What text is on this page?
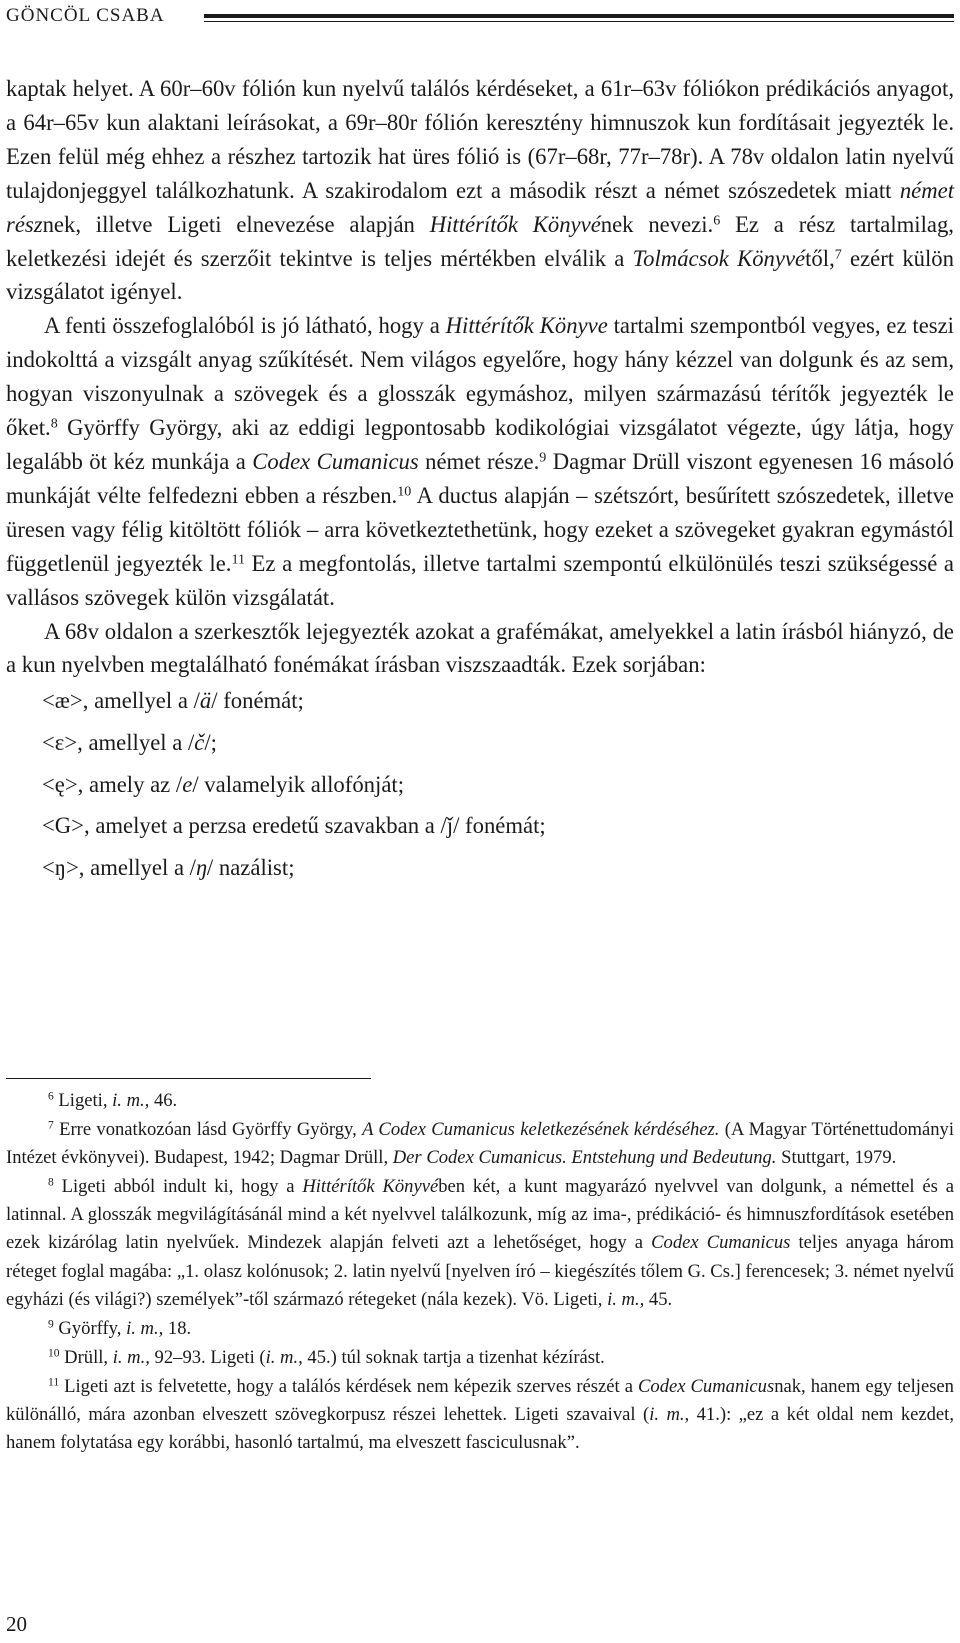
GÖNCÖL CSABA

kaptak helyet. A 60r–60v fólión kun nyelvű találós kérdéseket, a 61r–63v fóliókon prédikációs anyagot, a 64r–65v kun alaktani leírásokat, a 69r–80r fólión keresztény himnuszok kun fordításait jegyezték le. Ezen felül még ehhez a részhez tartozik hat üres fólió is (67r–68r, 77r–78r). A 78v oldalon latin nyelvű tulajdonjeggyel találkozhatunk. A szakirodalom ezt a második részt a német szószedetek miatt német résznek, illetve Ligeti elnevezése alapján Hittérítők Könyvének nevezi.$^6$ Ez a rész tartalmilag, keletkezési idejét és szerzőit tekintve is teljes mértékben elválik a Tolmácsok Könyvétől,$^7$ ezért külön vizsgálatot igényel.

A fenti összefoglalóból is jó látható, hogy a Hittérítők Könyve tartalmi szempontból vegyes, ez teszi indokolttá a vizsgált anyag szűkítését. Nem világos egyelőre, hogy hány kézzel van dolgunk és az sem, hogyan viszonyulnak a szövegek és a glosszák egymáshoz, milyen származású térítők jegyezték le őket.$^8$ Györffy György, aki az eddigi legpontosabb kodikológiai vizsgálatot végezte, úgy látja, hogy legalább öt kéz munkája a Codex Cumanicus német része.$^9$ Dagmar Drüll viszont egyenesen 16 másoló munkáját vélte felfedezni ebben a részben.$^{10}$ A ductus alapján – szétszórt, besűrített szószedetek, illetve üresen vagy félig kitöltött fóliók – arra következtethetünk, hogy ezeket a szövegeket gyakran egymástól függetlenül jegyezték le.$^{11}$ Ez a megfontolás, illetve tartalmi szempontú elkülönülés teszi szükségessé a vallásos szövegek külön vizsgálatát.

A 68v oldalon a szerkesztők lejegyezték azokat a grafémákat, amelyekkel a latin írásból hiányzó, de a kun nyelvben megtalálható fonémákat írásban viszszaadták. Ezek sorjában:

<æ>, amellyel a /ä/ fonémát;
<ε>, amellyel a /č/;
<ę>, amely az /e/ valamelyik allofónját;
<G>, amelyet a perzsa eredetű szavakban a /ǰ/ fonémát;
<ŋ>, amellyel a /ŋ/ nazálist;

$^6$ Ligeti, i. m., 46.

$^7$ Erre vonatkozóan lásd Györffy György, A Codex Cumanicus keletkezésének kérdéséhez. (A Magyar Történettudományi Intézet évkönyvei). Budapest, 1942; Dagmar Drüll, Der Codex Cumanicus. Entstehung und Bedeutung. Stuttgart, 1979.

$^8$ Ligeti abból indult ki, hogy a Hittérítők Könyvében két, a kunt magyarázó nyelvvel van dolgunk, a némettel és a latinnal. A glosszák megvilágításánál mind a két nyelvvel találkozunk, míg az ima-, prédikáció- és himnuszfordítások esetében ezek kizárólag latin nyelvűek. Mindezek alapján felveti azt a lehetőséget, hogy a Codex Cumanicus teljes anyaga három réteget foglal magába: „1. olasz kolónusok; 2. latin nyelvű [nyelven író – kiegészítés tőlem G. Cs.] ferencesek; 3. német nyelvű egyházi (és világi?) személyek”-től származó rétegeket (nála kezek). Vö. Ligeti, i. m., 45.

$^9$ Györffy, i. m., 18.

$^{10}$ Drüll, i. m., 92–93. Ligeti (i. m., 45.) túl soknak tartja a tizenhat kézírást.

$^{11}$ Ligeti azt is felvetette, hogy a találós kérdések nem képezik szerves részét a Codex Cumanicusnak, hanem egy teljesen különálló, mára azonban elveszett szövegkorpusz részei lehettek. Ligeti szavaival (i. m., 41.): „ez a két oldal nem kezdet, hanem folytatása egy korábbi, hasonló tartalmú, ma elveszett fasciculusnak”.

20
